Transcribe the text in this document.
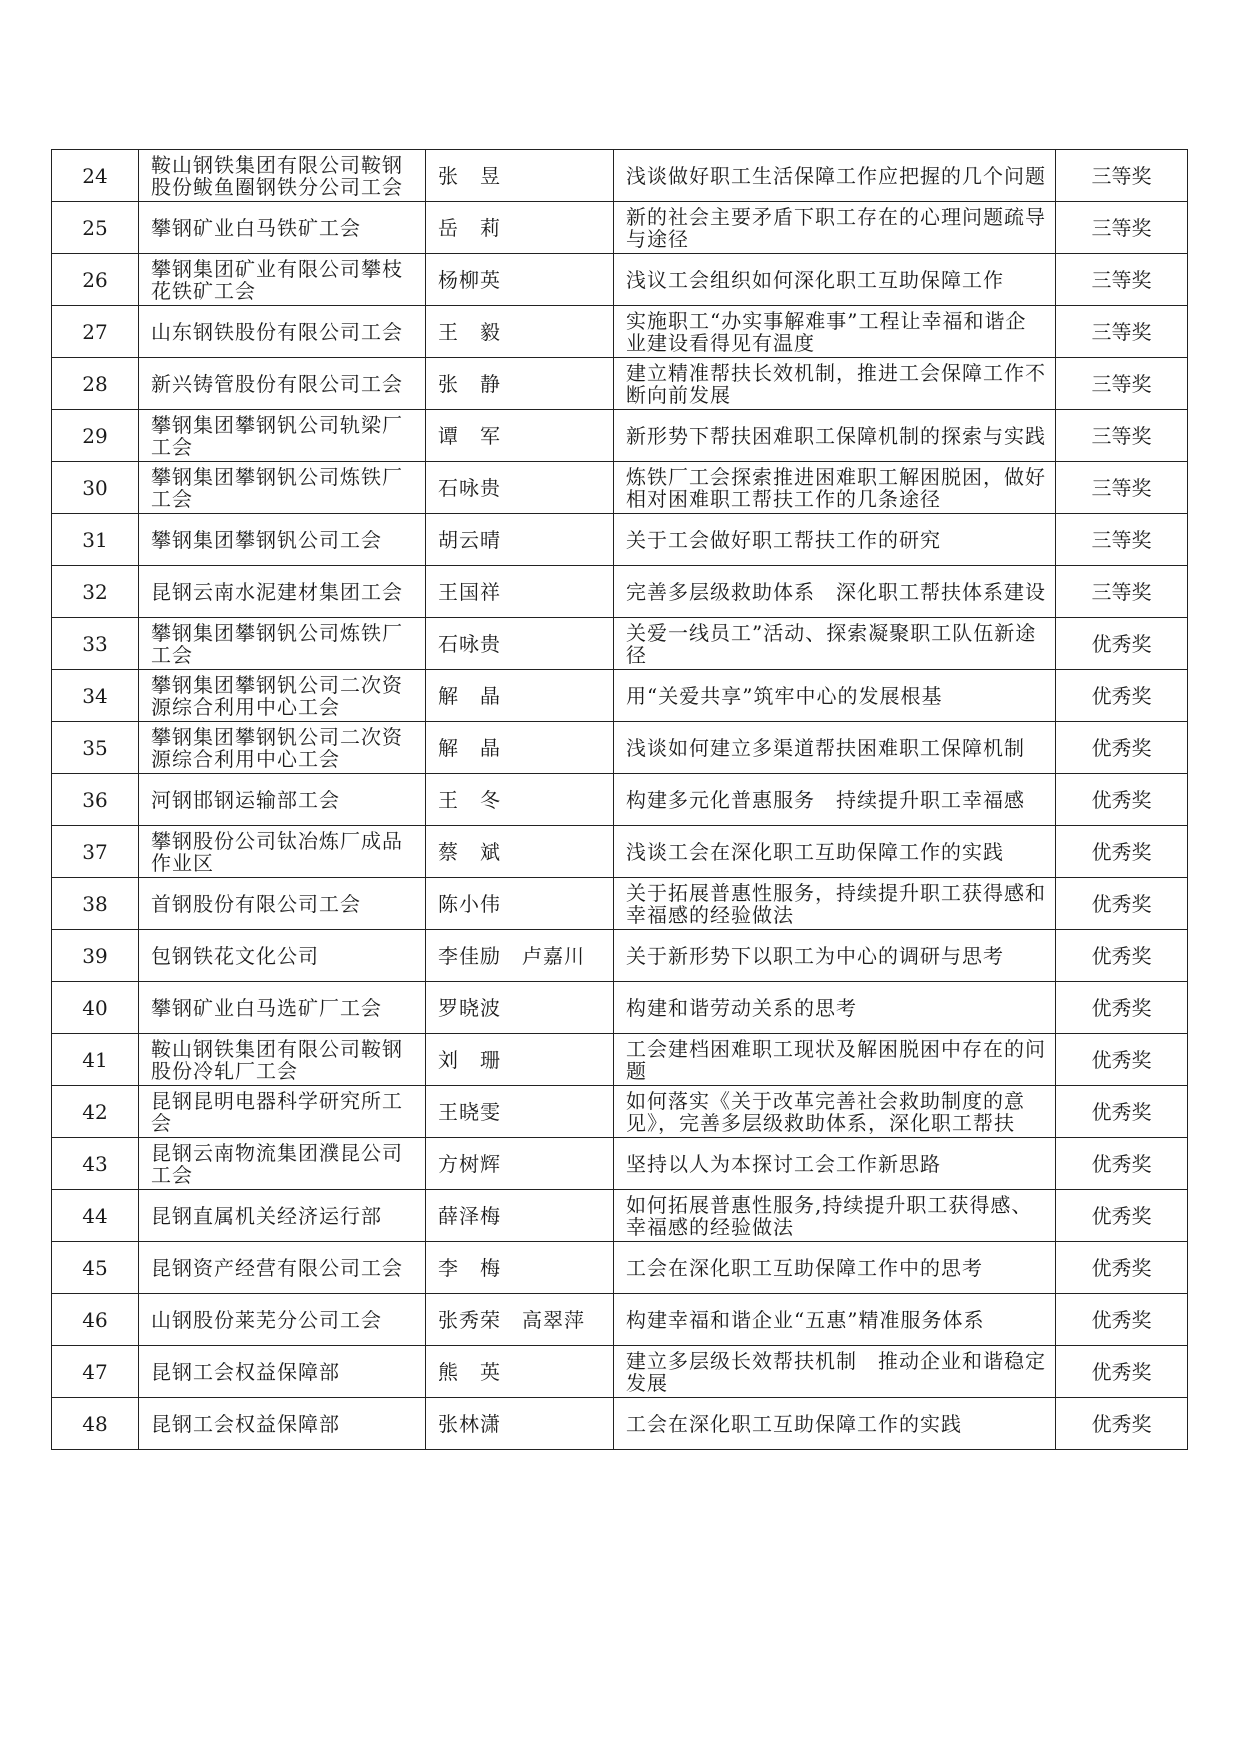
24	鞍山钢铁集团有限公司鞍钢股份鲅鱼圈钢铁分公司工会	张　昱	浅谈做好职工生活保障工作应把握的几个问题	三等奖
25	攀钢矿业白马铁矿工会	岳　莉	新的社会主要矛盾下职工存在的心理问题疏导与途径	三等奖
26	攀钢集团矿业有限公司攀枝花铁矿工会	杨柳英	浅议工会组织如何深化职工互助保障工作	三等奖
27	山东钢铁股份有限公司工会	王　毅	实施职工“办实事解难事”工程让幸福和谐企业建设看得见有温度	三等奖
28	新兴铸管股份有限公司工会	张　静	建立精准帮扶长效机制，推进工会保障工作不断向前发展	三等奖
29	攀钢集团攀钢钒公司轨梁厂工会	谭　军	新形势下帮扶困难职工保障机制的探索与实践	三等奖
30	攀钢集团攀钢钒公司炼铁厂工会	石咏贵	炼铁厂工会探索推进困难职工解困脱困，做好相对困难职工帮扶工作的几条途径	三等奖
31	攀钢集团攀钢钒公司工会	胡云晴	关于工会做好职工帮扶工作的研究	三等奖
32	昆钢云南水泥建材集团工会	王国祥	完善多层级救助体系　深化职工帮扶体系建设	三等奖
33	攀钢集团攀钢钒公司炼铁厂工会	石咏贵	关爱一线员工”活动、探索凝聚职工队伍新途径	优秀奖
34	攀钢集团攀钢钒公司二次资源综合利用中心工会	解　晶	用“关爱共享”筑牢中心的发展根基	优秀奖
35	攀钢集团攀钢钒公司二次资源综合利用中心工会	解　晶	浅谈如何建立多渠道帮扶困难职工保障机制	优秀奖
36	河钢邯钢运输部工会	王　冬	构建多元化普惠服务　持续提升职工幸福感	优秀奖
37	攀钢股份公司钛冶炼厂成品作业区	蔡　斌	浅谈工会在深化职工互助保障工作的实践	优秀奖
38	首钢股份有限公司工会	陈小伟	关于拓展普惠性服务，持续提升职工获得感和幸福感的经验做法	优秀奖
39	包钢铁花文化公司	李佳励　卢嘉川	关于新形势下以职工为中心的调研与思考	优秀奖
40	攀钢矿业白马选矿厂工会	罗晓波	构建和谐劳动关系的思考	优秀奖
41	鞍山钢铁集团有限公司鞍钢股份冷轧厂工会	刘　珊	工会建档困难职工现状及解困脱困中存在的问题	优秀奖
42	昆钢昆明电器科学研究所工会	王晓雯	如何落实《关于改革完善社会救助制度的意见》，完善多层级救助体系，深化职工帮扶	优秀奖
43	昆钢云南物流集团濮昆公司工会	方树辉	坚持以人为本探讨工会工作新思路	优秀奖
44	昆钢直属机关经济运行部	薛泽梅	如何拓展普惠性服务,持续提升职工获得感、幸福感的经验做法	优秀奖
45	昆钢资产经营有限公司工会	李　梅	工会在深化职工互助保障工作中的思考	优秀奖
46	山钢股份莱芜分公司工会	张秀荣　高翠萍	构建幸福和谐企业“五惠”精准服务体系	优秀奖
47	昆钢工会权益保障部	熊　英	建立多层级长效帮扶机制　推动企业和谐稳定发展	优秀奖
48	昆钢工会权益保障部	张林潇	工会在深化职工互助保障工作的实践	优秀奖
